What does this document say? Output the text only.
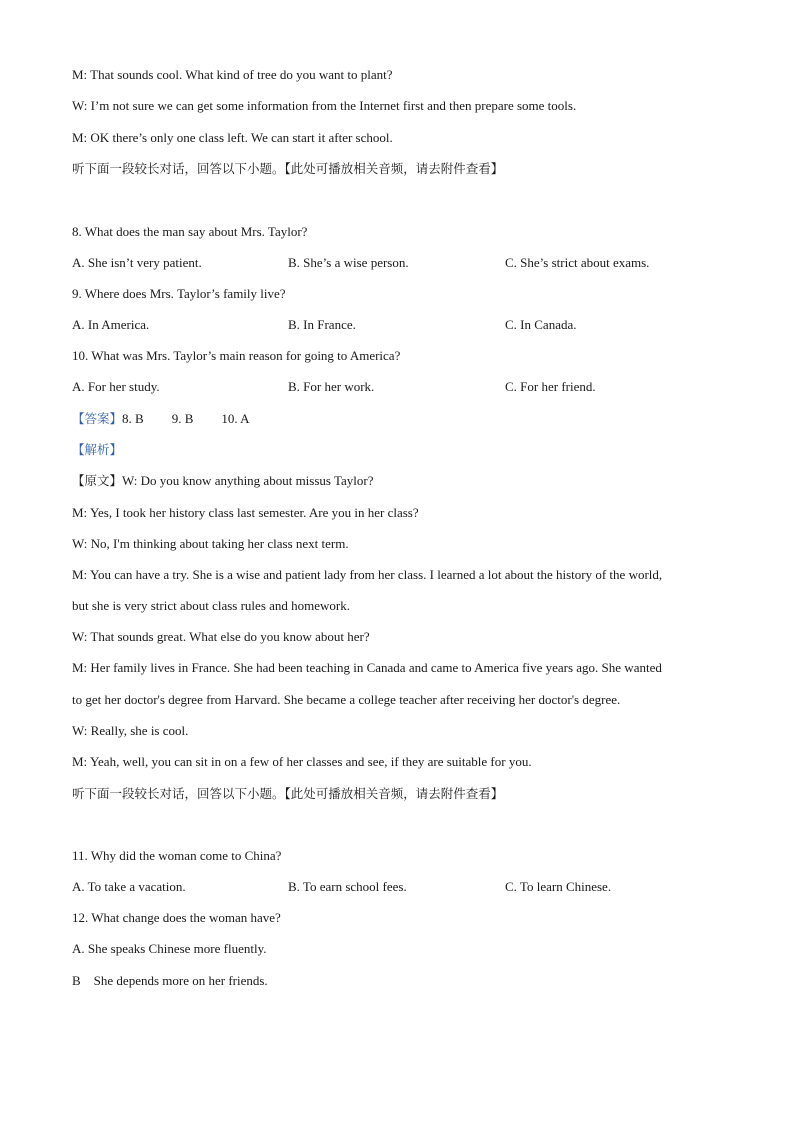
M: That sounds cool. What kind of tree do you want to plant?
W: I’m not sure we can get some information from the Internet first and then prepare some tools.
M: OK there’s only one class left. We can start it after school.
听下面一段较长对话，回答以下小题。【此处可播放相关音频，请去附件查看】
8. What does the man say about Mrs. Taylor?
A. She isn’t very patient.	B. She’s a wise person.	C. She’s strict about exams.
9. Where does Mrs. Taylor’s family live?
A. In America.	B. In France.	C. In Canada.
10. What was Mrs. Taylor’s main reason for going to America?
A. For her study.	B. For her work.	C. For her friend.
【答案】8. B 9. B 10. A
【解析】
【原文】W: Do you know anything about missus Taylor?
M: Yes, I took her history class last semester. Are you in her class?
W: No, I'm thinking about taking her class next term.
M: You can have a try. She is a wise and patient lady from her class. I learned a lot about the history of the world,
but she is very strict about class rules and homework.
W: That sounds great. What else do you know about her?
M: Her family lives in France. She had been teaching in Canada and came to America five years ago. She wanted
to get her doctor's degree from Harvard. She became a college teacher after receiving her doctor's degree.
W: Really, she is cool.
M: Yeah, well, you can sit in on a few of her classes and see, if they are suitable for you.
听下面一段较长对话，回答以下小题。【此处可播放相关音频，请去附件查看】
11. Why did the woman come to China?
A. To take a vacation.	B. To earn school fees.	C. To learn Chinese.
12. What change does the woman have?
A. She speaks Chinese more fluently.
B　She depends more on her friends.
